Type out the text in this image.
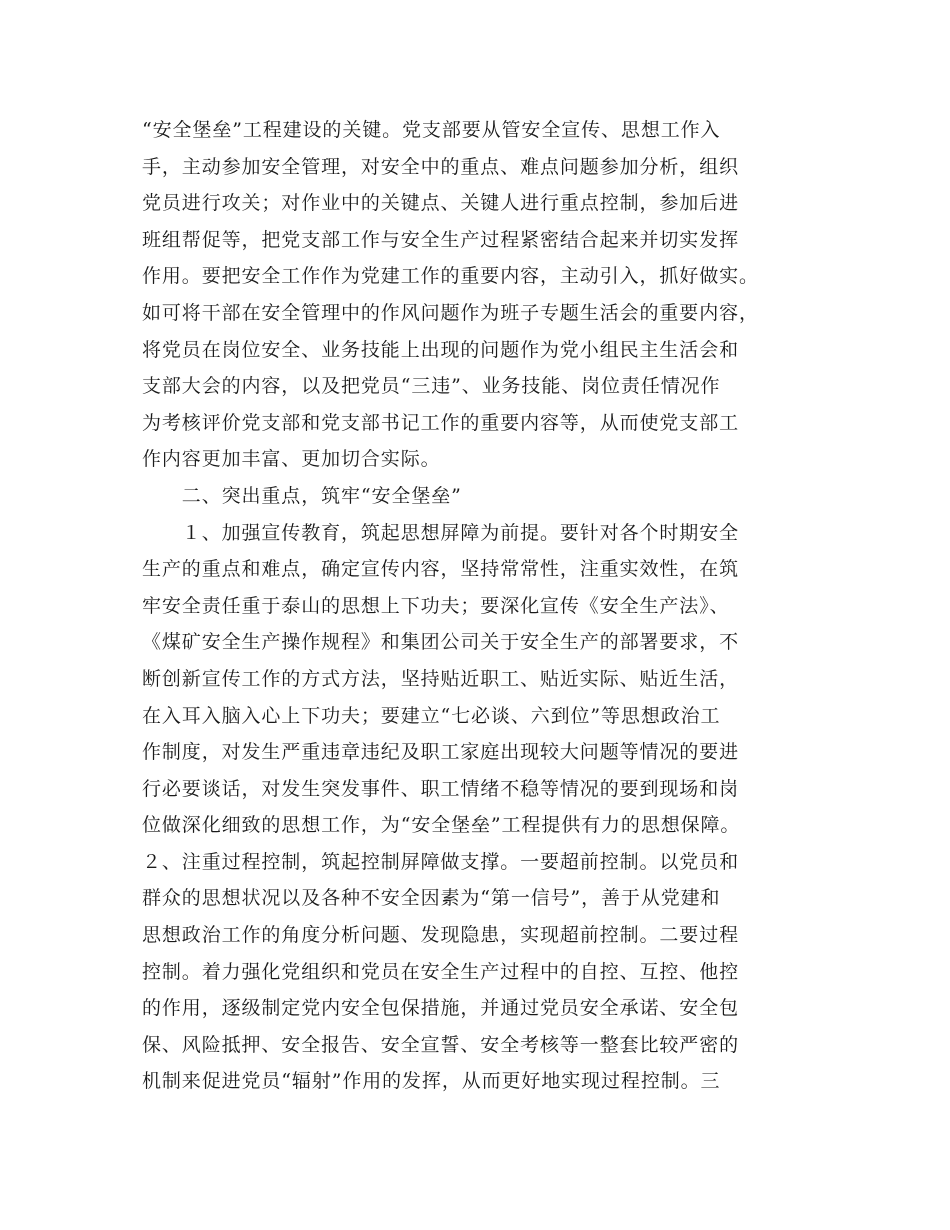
“安全堡垒”工程建设的关键。党支部要从管安全宣传、思想工作入
手，主动参加安全管理，对安全中的重点、难点问题参加分析，组织
党员进行攻关；对作业中的关键点、关键人进行重点控制，参加后进
班组帮促等，把党支部工作与安全生产过程紧密结合起来并切实发挥
作用。要把安全工作作为党建工作的重要内容，主动引入，抓好做实。
如可将干部在安全管理中的作风问题作为班子专题生活会的重要内容，
将党员在岗位安全、业务技能上出现的问题作为党小组民主生活会和
支部大会的内容，以及把党员“三违”、业务技能、岗位责任情况作
为考核评价党支部和党支部书记工作的重要内容等，从而使党支部工
作内容更加丰富、更加切合实际。
　　二、突出重点，筑牢“安全堡垒”
　　１、加强宣传教育，筑起思想屏障为前提。要针对各个时期安全
生产的重点和难点，确定宣传内容，坚持常常性，注重实效性，在筑
牢安全责任重于泰山的思想上下功夫；要深化宣传《安全生产法》、
《煤矿安全生产操作规程》和集团公司关于安全生产的部署要求，不
断创新宣传工作的方式方法，坚持贴近职工、贴近实际、贴近生活，
在入耳入脑入心上下功夫；要建立“七必谈、六到位”等思想政治工
作制度，对发生严重违章违纪及职工家庭出现较大问题等情况的要进
行必要谈话，对发生突发事件、职工情绪不稳等情况的要到现场和岗
位做深化细致的思想工作，为“安全堡垒”工程提供有力的思想保障。
２、注重过程控制，筑起控制屏障做支撑。一要超前控制。以党员和
群众的思想状况以及各种不安全因素为“第一信号”，善于从党建和
思想政治工作的角度分析问题、发现隐患，实现超前控制。二要过程
控制。着力强化党组织和党员在安全生产过程中的自控、互控、他控
的作用，逐级制定党内安全包保措施，并通过党员安全承诺、安全包
保、风险抵押、安全报告、安全宣誓、安全考核等一整套比较严密的
机制来促进党员“辐射”作用的发挥，从而更好地实现过程控制。三
